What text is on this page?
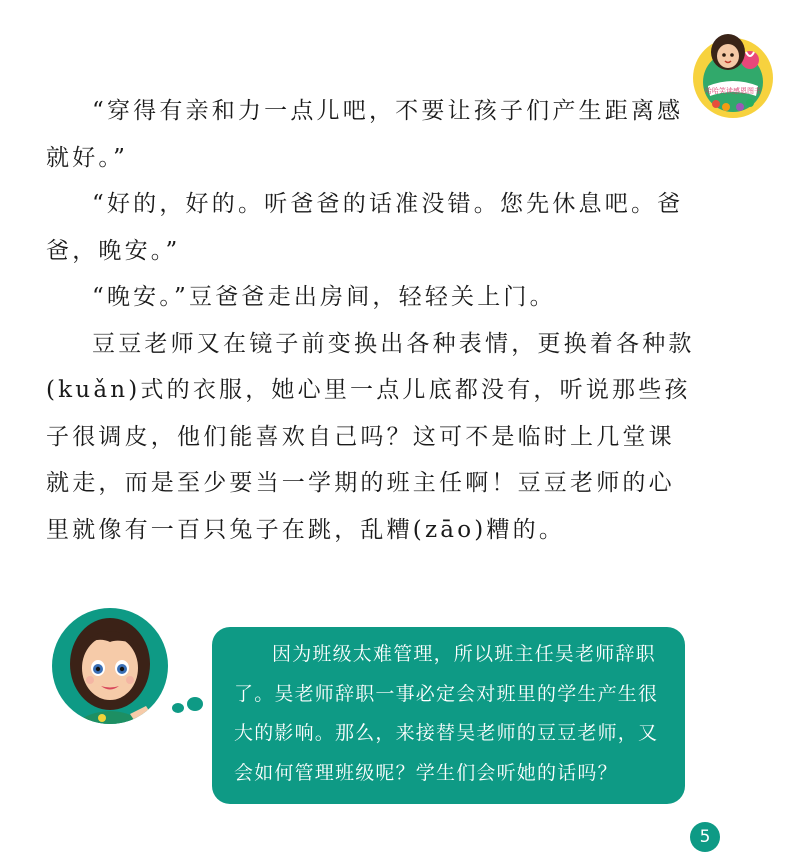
哈哈笑读感恩图书

“穿得有亲和力一点儿吧，不要让孩子们产生距离感就好。”

“好的，好的。听爸爸的话准没错。您先休息吧。爸爸，晚安。”

“晚安。”豆爸爸走出房间，轻轻关上门。

豆豆老师又在镜子前变换出各种表情，更换着各种款(kuǎn)式的衣服，她心里一点儿底都没有，听说那些孩子很调皮，他们能喜欢自己吗？这可不是临时上几堂课就走，而是至少要当一学期的班主任啊！豆豆老师的心里就像有一百只兔子在跳，乱糟(zāo)糟的。

因为班级太难管理，所以班主任吴老师辞职了。吴老师辞职一事必定会对班里的学生产生很大的影响。那么，来接替吴老师的豆豆老师，又会如何管理班级呢？学生们会听她的话吗？

5
